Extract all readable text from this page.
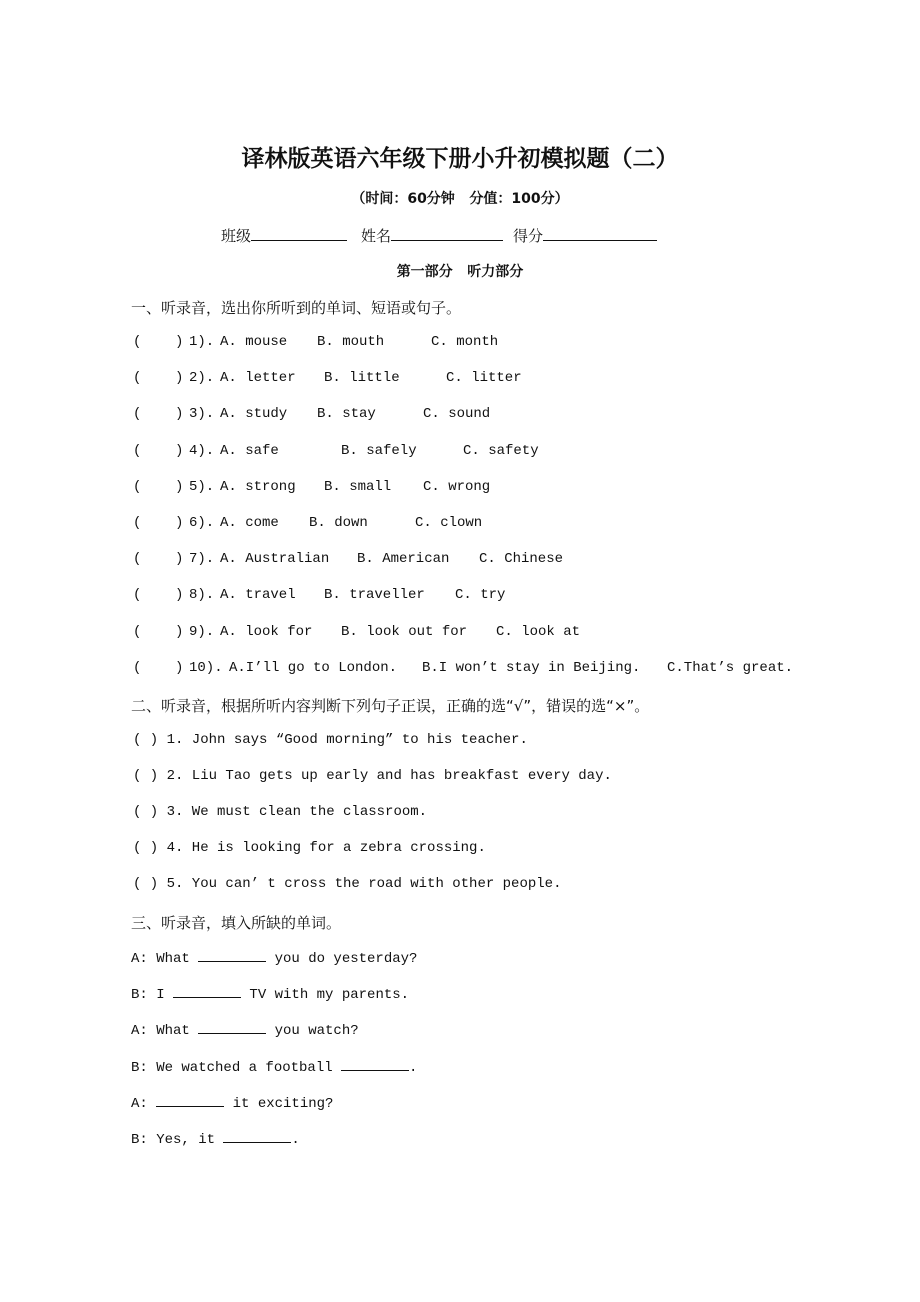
译林版英语六年级下册小升初模拟题（二）
（时间：60分钟   分值：100分）
班级	姓名	得分
第一部分   听力部分
一、听录音，选出你所听到的单词、短语或句子。
(    ) 1). A. mouse B. mouth	C. month
(    ) 2). A. letter B. little	C. litter
(    ) 3). A. study B. stay	C. sound
(    ) 4). A. safe	B. safely	C. safety
(    ) 5). A. strong B. small C. wrong
(    ) 6). A. come B. down	C. clown
(    ) 7). A. Australian B. American C. Chinese
(    ) 8). A. travel B. traveller C. try
(    ) 9). A. look for B. look out for C. look at
(    ) 10). A.I’ll go to London. B.I won’t stay in Beijing. C.That’s great.
二、听录音，根据所听内容判断下列句子正误，正确的选“√”，错误的选“×”。
( ) 1. John says “Good morning” to his teacher.
( ) 2. Liu Tao gets up early and has breakfast every day.
( ) 3. We must clean the classroom.
( ) 4. He is looking for a zebra crossing.
( ) 5. You can’ t cross the road with other people.
三、听录音，填入所缺的单词。
A: What	you do yesterday?
B: I	TV with my parents.
A: What	you watch?
B: We watched a football	.
A:	it exciting?
B: Yes, it	.
